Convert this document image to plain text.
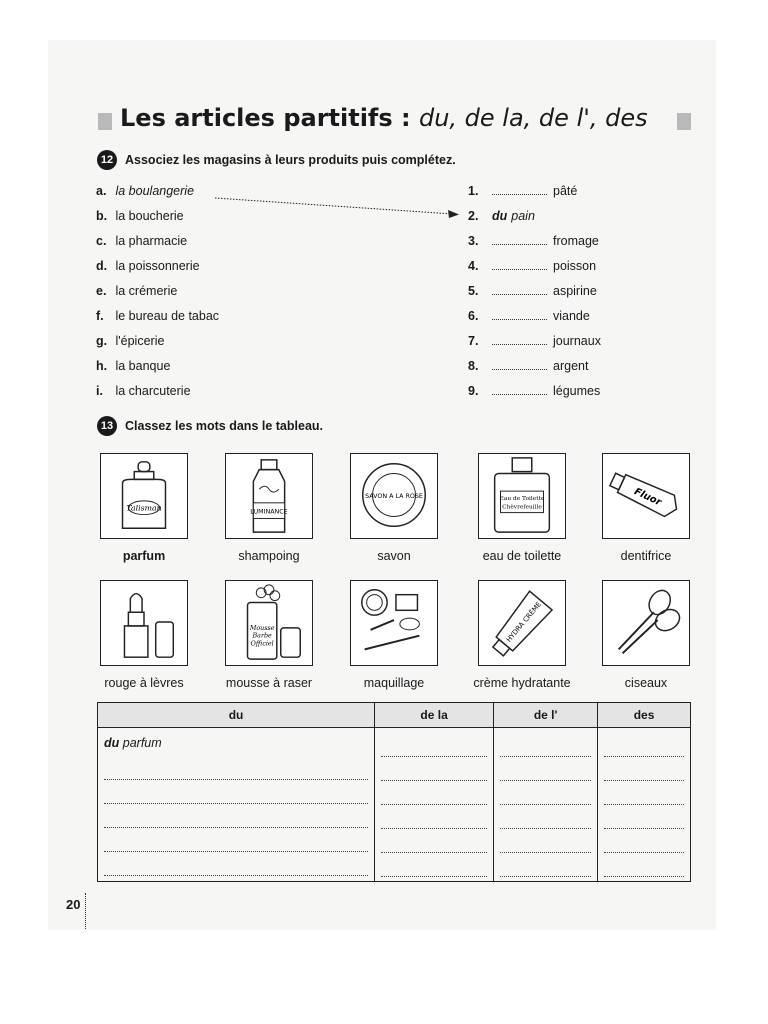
Les articles partitifs : du, de la, de l', des
12 Associez les magasins à leurs produits puis complétez.
a. la boulangerie
b. la boucherie
c. la pharmacie
d. la poissonnerie
e. la crémerie
f. le bureau de tabac
g. l'épicerie
h. la banque
i. la charcuterie
1.	pâté
2.	du pain
3.	fromage
4.	poisson
5.	aspirine
6.	viande
7.	journaux
8.	argent
9.	légumes
13 Classez les mots dans le tableau.
Talisman	LUMINANCE
SAVON A LA ROSE	Eau de Toilette
Chèvrefeuille	Fluor
parfum	shampoing	savon	eau de toilette	dentifrice
Mousse
Barbe
Officiel
HYDRA CRÈME
rouge à lèvres	mousse à raser	maquillage	crème hydratante	ciseaux
du	de la	de l'	des

du parfum			

20
